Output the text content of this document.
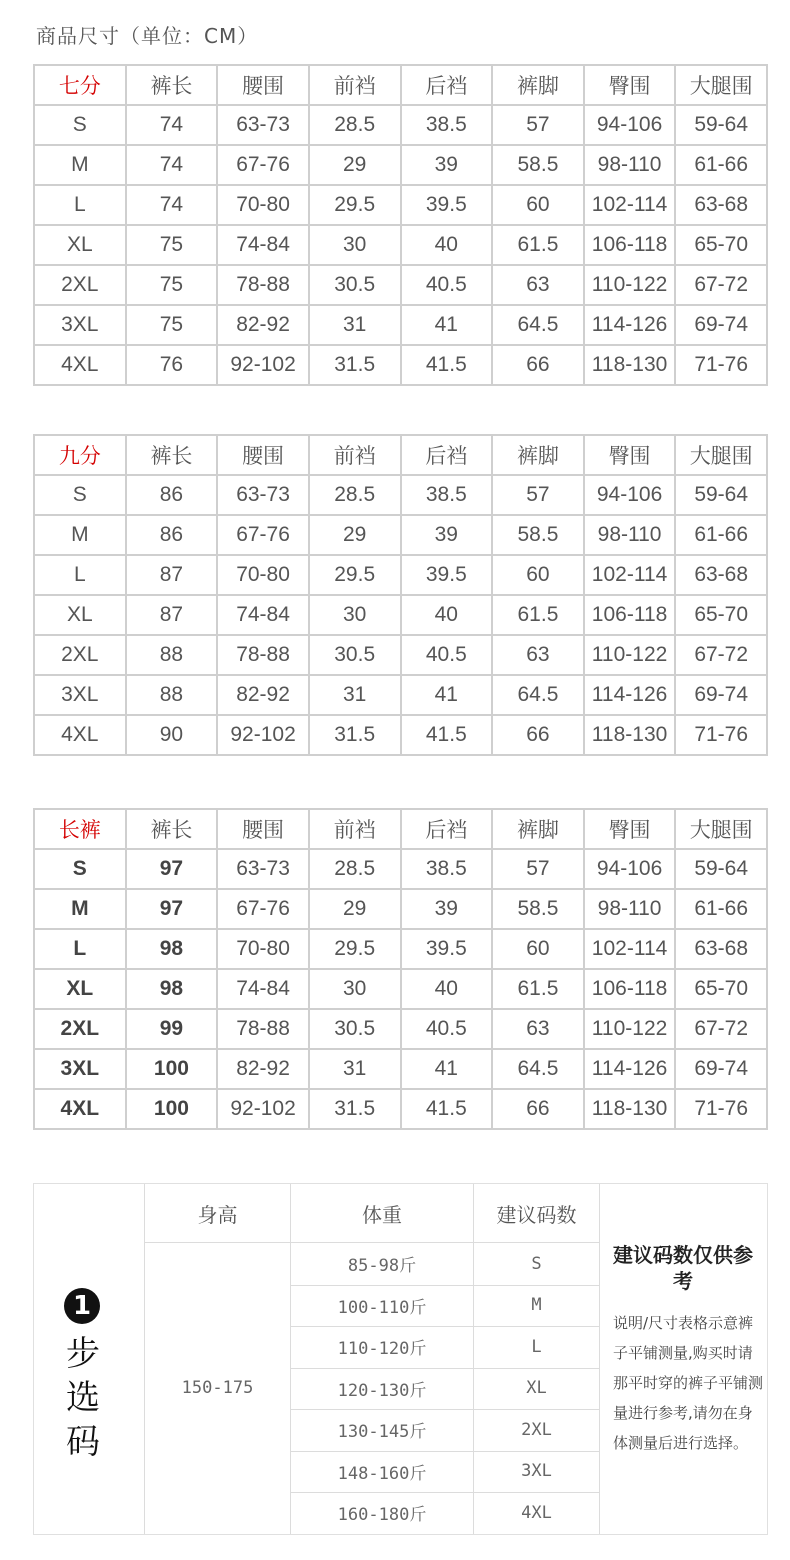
商品尺寸（单位：CM）
七分	裤长	腰围	前裆	后裆	裤脚	臀围	大腿围
S	74	63-73	28.5	38.5	57	94-106	59-64
M	74	67-76	29	39	58.5	98-110	61-66
L	74	70-80	29.5	39.5	60	102-114	63-68
XL	75	74-84	30	40	61.5	106-118	65-70
2XL	75	78-88	30.5	40.5	63	110-122	67-72
3XL	75	82-92	31	41	64.5	114-126	69-74
4XL	76	92-102	31.5	41.5	66	118-130	71-76
九分	裤长	腰围	前裆	后裆	裤脚	臀围	大腿围
S	86	63-73	28.5	38.5	57	94-106	59-64
M	86	67-76	29	39	58.5	98-110	61-66
L	87	70-80	29.5	39.5	60	102-114	63-68
XL	87	74-84	30	40	61.5	106-118	65-70
2XL	88	78-88	30.5	40.5	63	110-122	67-72
3XL	88	82-92	31	41	64.5	114-126	69-74
4XL	90	92-102	31.5	41.5	66	118-130	71-76
长裤	裤长	腰围	前裆	后裆	裤脚	臀围	大腿围
S	97	63-73	28.5	38.5	57	94-106	59-64
M	97	67-76	29	39	58.5	98-110	61-66
L	98	70-80	29.5	39.5	60	102-114	63-68
XL	98	74-84	30	40	61.5	106-118	65-70
2XL	99	78-88	30.5	40.5	63	110-122	67-72
3XL	100	82-92	31	41	64.5	114-126	69-74
4XL	100	92-102	31.5	41.5	66	118-130	71-76
1
步选码
身高	体重	建议码数
150-175
85-98斤	S
100-110斤	M
110-120斤	L
120-130斤	XL
130-145斤	2XL
148-160斤	3XL
160-180斤	4XL
建议码数仅供参考
说明/尺寸表格示意裤子平铺测量,购买时请那平时穿的裤子平铺测量进行参考,请勿在身体测量后进行选择。
